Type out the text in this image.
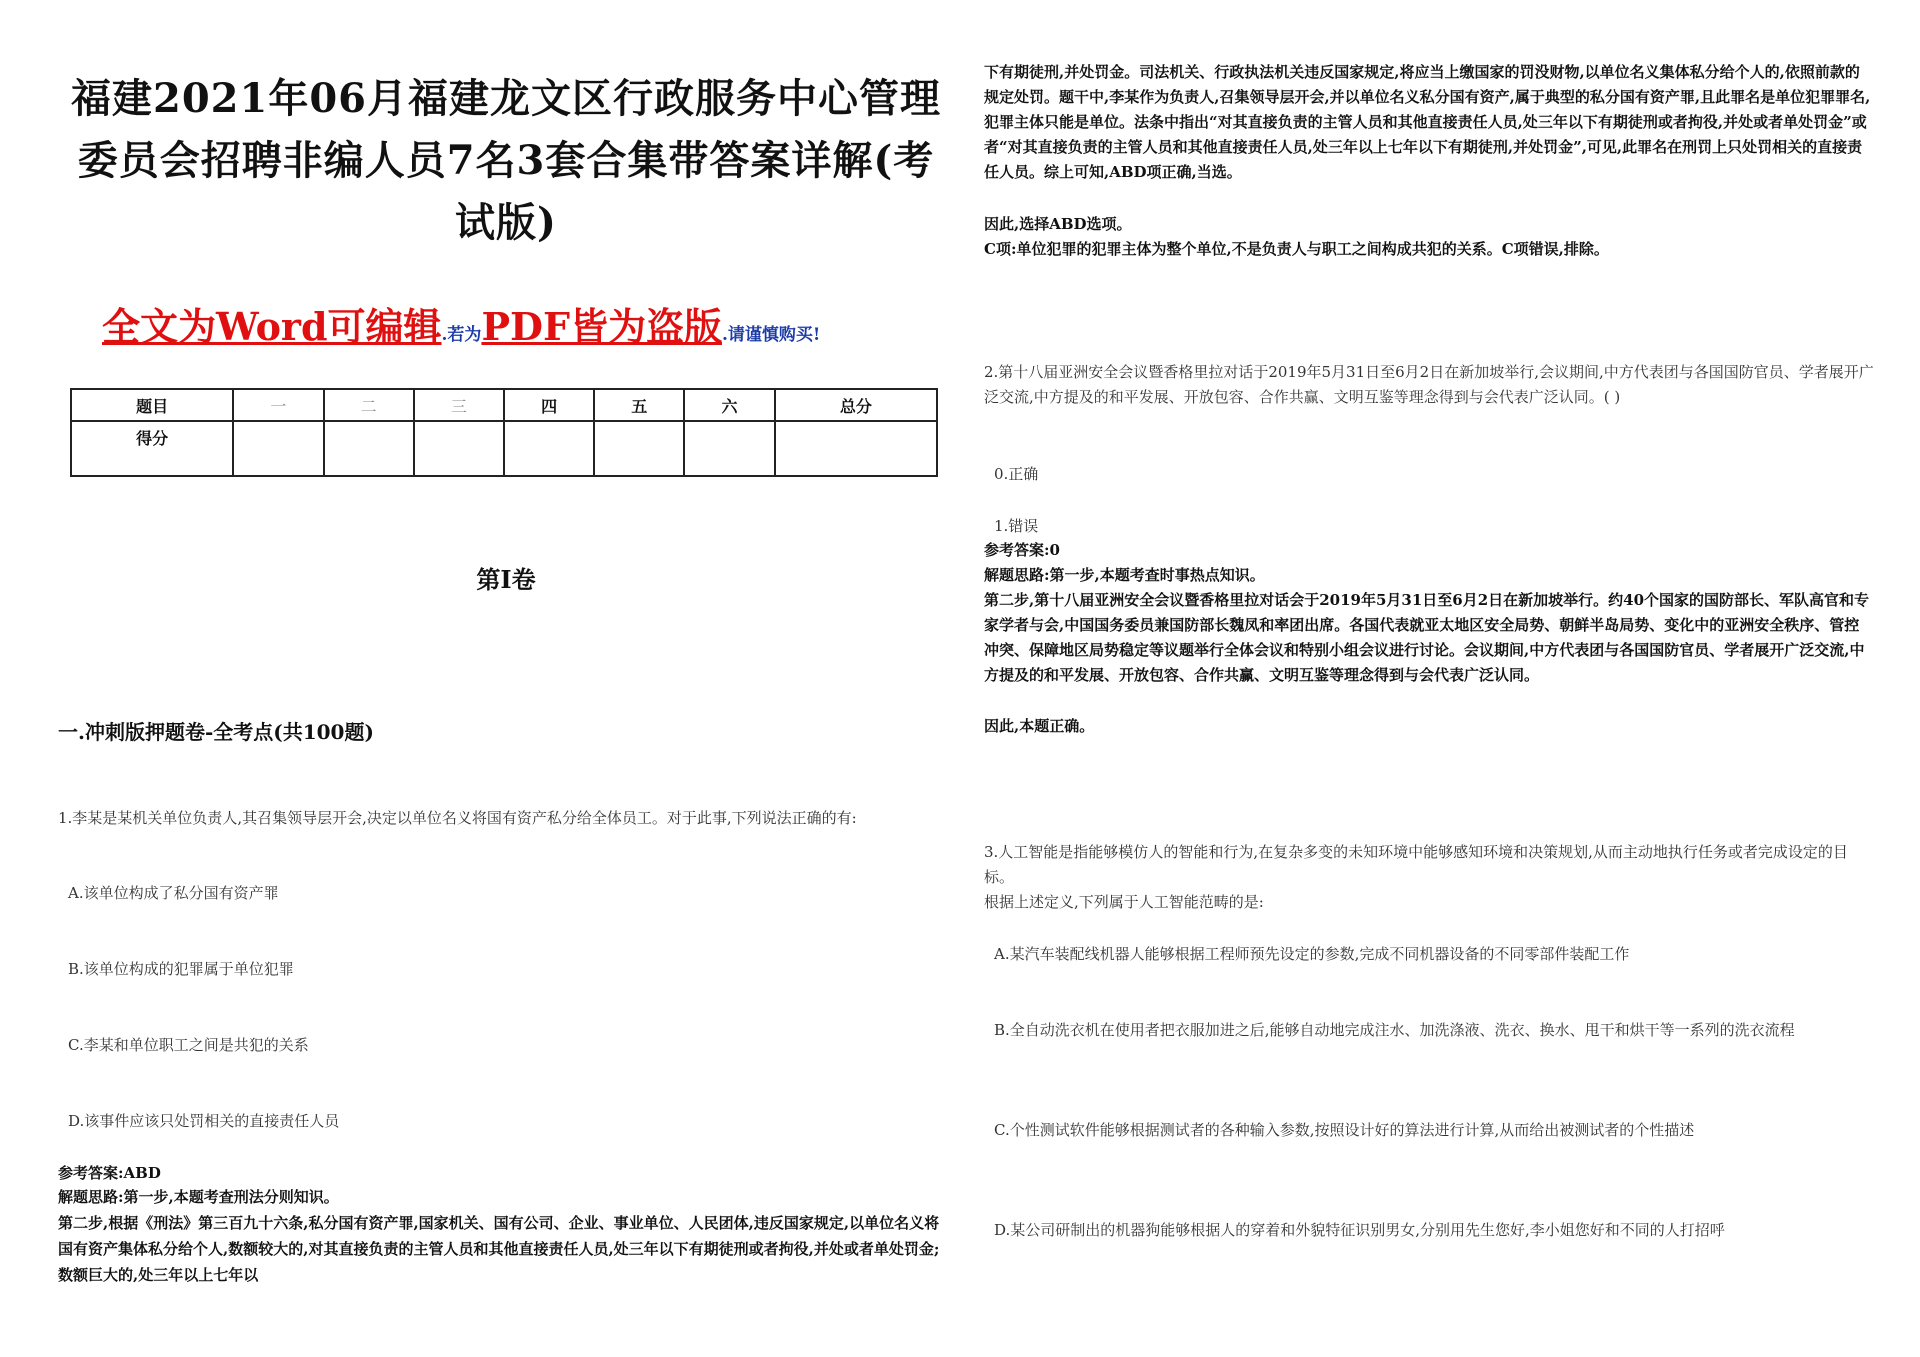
福建2021年06月福建龙文区行政服务中心管理委员会招聘非编人员7名3套合集带答案详解(考试版)
全文为Word可编辑.若为PDF皆为盗版.请谨慎购买!
题目	一	二	三	四	五	六	总分
得分							
第Ⅰ卷
一.冲刺版押题卷-全考点(共100题)
1.李某是某机关单位负责人,其召集领导层开会,决定以单位名义将国有资产私分给全体员工。对于此事,下列说法正确的有:
A.该单位构成了私分国有资产罪
B.该单位构成的犯罪属于单位犯罪
C.李某和单位职工之间是共犯的关系
D.该事件应该只处罚相关的直接责任人员
参考答案:ABD
解题思路:第一步,本题考查刑法分则知识。
第二步,根据《刑法》第三百九十六条,私分国有资产罪,国家机关、国有公司、企业、事业单位、人民团体,违反国家规定,以单位名义将国有资产集体私分给个人,数额较大的,对其直接负责的主管人员和其他直接责任人员,处三年以下有期徒刑或者拘役,并处或者单处罚金;数额巨大的,处三年以上七年以
下有期徒刑,并处罚金。司法机关、行政执法机关违反国家规定,将应当上缴国家的罚没财物,以单位名义集体私分给个人的,依照前款的规定处罚。题干中,李某作为负责人,召集领导层开会,并以单位名义私分国有资产,属于典型的私分国有资产罪,且此罪名是单位犯罪罪名,犯罪主体只能是单位。法条中指出“对其直接负责的主管人员和其他直接责任人员,处三年以下有期徒刑或者拘役,并处或者单处罚金”或者“对其直接负责的主管人员和其他直接责任人员,处三年以上七年以下有期徒刑,并处罚金”,可见,此罪名在刑罚上只处罚相关的直接责任人员。综上可知,ABD项正确,当选。
因此,选择ABD选项。
C项:单位犯罪的犯罪主体为整个单位,不是负责人与职工之间构成共犯的关系。C项错误,排除。
2.第十八届亚洲安全会议暨香格里拉对话于2019年5月31日至6月2日在新加坡举行,会议期间,中方代表团与各国国防官员、学者展开广泛交流,中方提及的和平发展、开放包容、合作共赢、文明互鉴等理念得到与会代表广泛认同。( )
0.正确
1.错误
参考答案:0
解题思路:第一步,本题考查时事热点知识。
第二步,第十八届亚洲安全会议暨香格里拉对话会于2019年5月31日至6月2日在新加坡举行。约40个国家的国防部长、军队高官和专家学者与会,中国国务委员兼国防部长魏凤和率团出席。各国代表就亚太地区安全局势、朝鲜半岛局势、变化中的亚洲安全秩序、管控冲突、保障地区局势稳定等议题举行全体会议和特别小组会议进行讨论。会议期间,中方代表团与各国国防官员、学者展开广泛交流,中方提及的和平发展、开放包容、合作共赢、文明互鉴等理念得到与会代表广泛认同。
因此,本题正确。
3.人工智能是指能够模仿人的智能和行为,在复杂多变的未知环境中能够感知环境和决策规划,从而主动地执行任务或者完成设定的目标。
根据上述定义,下列属于人工智能范畴的是:
A.某汽车装配线机器人能够根据工程师预先设定的参数,完成不同机器设备的不同零部件装配工作
B.全自动洗衣机在使用者把衣服加进之后,能够自动地完成注水、加洗涤液、洗衣、换水、甩干和烘干等一系列的洗衣流程
C.个性测试软件能够根据测试者的各种输入参数,按照设计好的算法进行计算,从而给出被测试者的个性描述
D.某公司研制出的机器狗能够根据人的穿着和外貌特征识别男女,分别用先生您好,李小姐您好和不同的人打招呼
